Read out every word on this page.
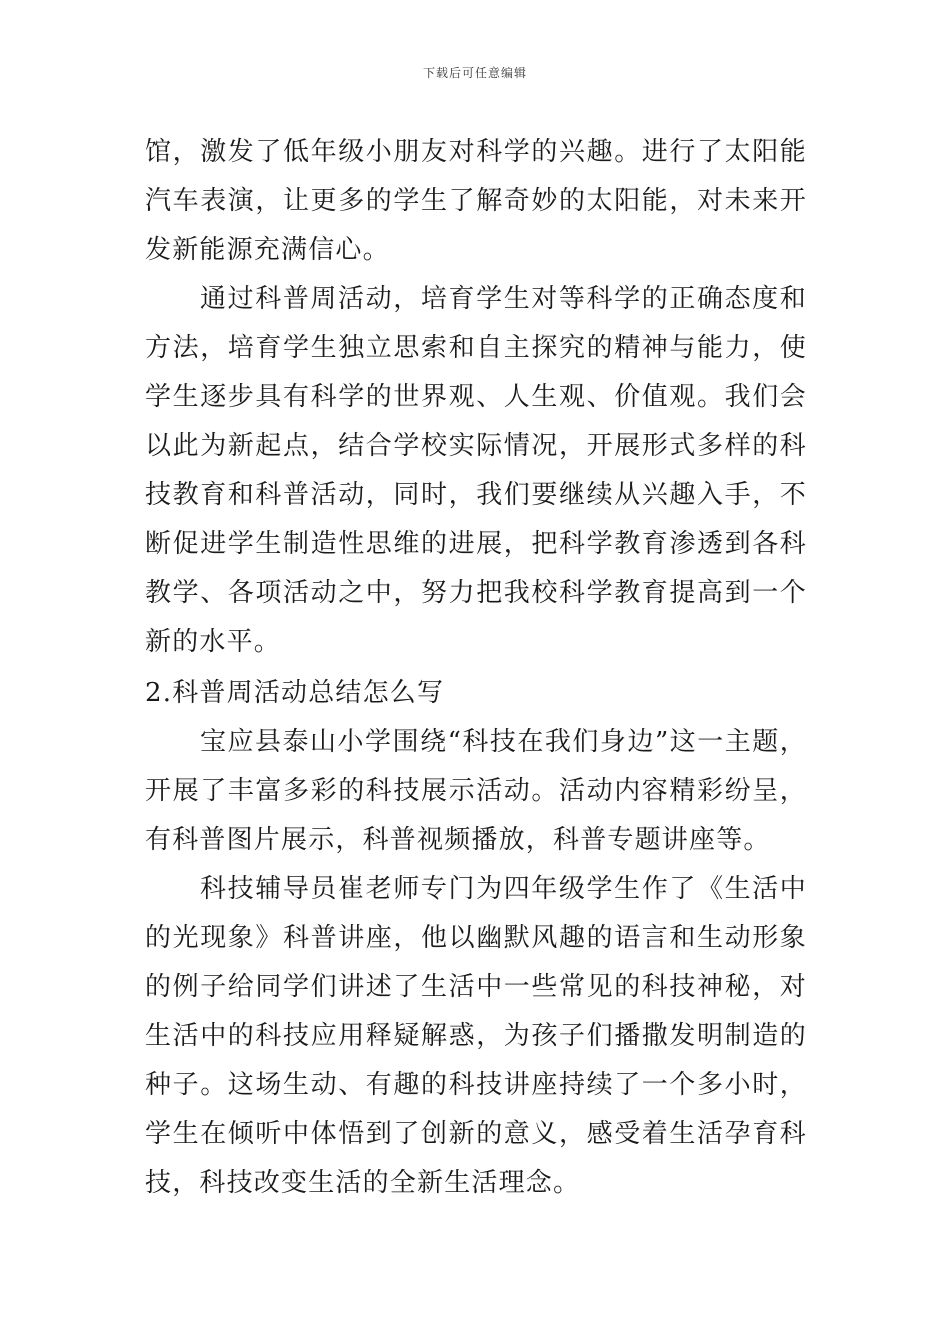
下载后可任意编辑

馆，激发了低年级小朋友对科学的兴趣。进行了太阳能汽车表演，让更多的学生了解奇妙的太阳能，对未来开发新能源充满信心。

通过科普周活动，培育学生对等科学的正确态度和方法，培育学生独立思索和自主探究的精神与能力，使学生逐步具有科学的世界观、人生观、价值观。我们会以此为新起点，结合学校实际情况，开展形式多样的科技教育和科普活动，同时，我们要继续从兴趣入手，不断促进学生制造性思维的进展，把科学教育渗透到各科教学、各项活动之中，努力把我校科学教育提高到一个新的水平。

2.科普周活动总结怎么写

宝应县泰山小学围绕“科技在我们身边”这一主题，开展了丰富多彩的科技展示活动。活动内容精彩纷呈，有科普图片展示，科普视频播放，科普专题讲座等。

科技辅导员崔老师专门为四年级学生作了《生活中的光现象》科普讲座，他以幽默风趣的语言和生动形象的例子给同学们讲述了生活中一些常见的科技神秘，对生活中的科技应用释疑解惑，为孩子们播撒发明制造的种子。这场生动、有趣的科技讲座持续了一个多小时，学生在倾听中体悟到了创新的意义，感受着生活孕育科技，科技改变生活的全新生活理念。
